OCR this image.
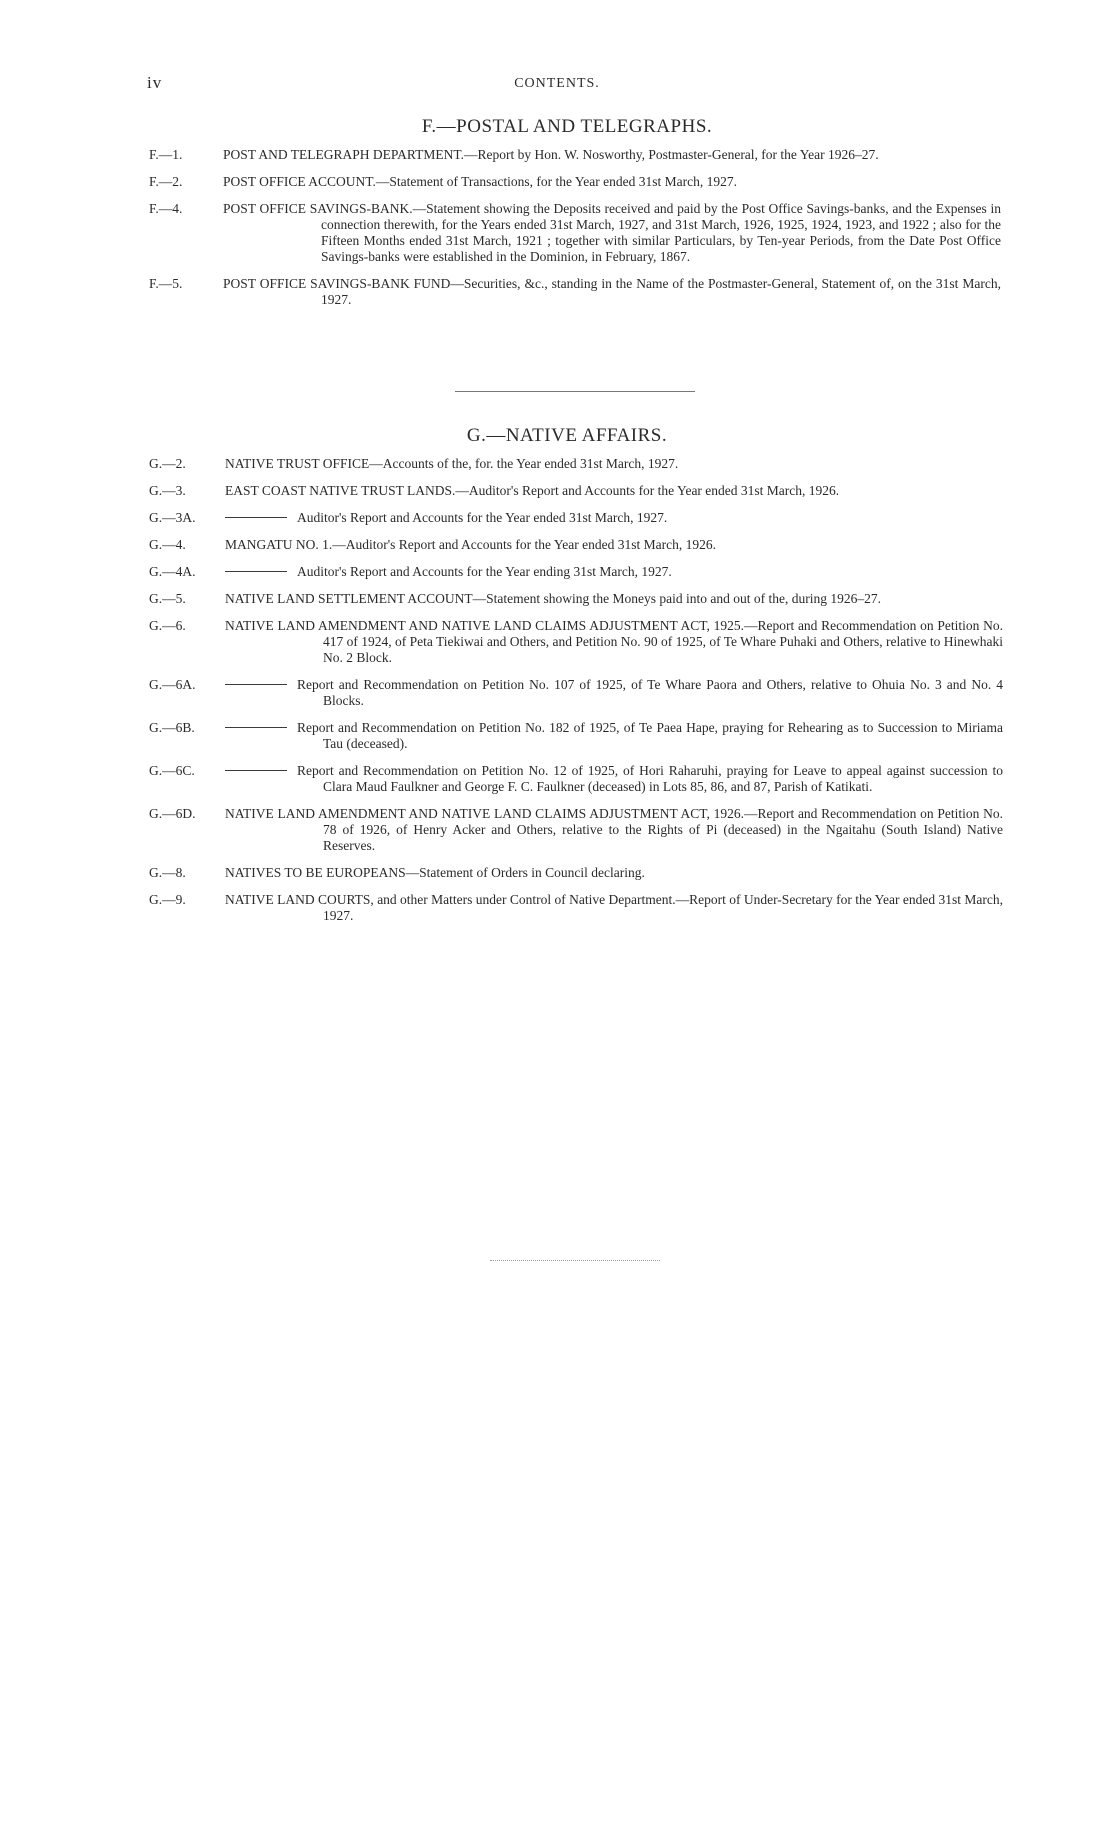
iv	CONTENTS.
F.—POSTAL AND TELEGRAPHS.
F.—1.	POST AND TELEGRAPH DEPARTMENT.—Report by Hon. W. Nosworthy, Postmaster-General, for the Year 1926–27.
F.—2.	POST OFFICE ACCOUNT.—Statement of Transactions, for the Year ended 31st March, 1927.
F.—4.	POST OFFICE SAVINGS-BANK.—Statement showing the Deposits received and paid by the Post Office Savings-banks, and the Expenses in connection therewith, for the Years ended 31st March, 1927, and 31st March, 1926, 1925, 1924, 1923, and 1922 ; also for the Fifteen Months ended 31st March, 1921 ; together with similar Particulars, by Ten-year Periods, from the Date Post Office Savings-banks were established in the Dominion, in February, 1867.
F.—5.	POST OFFICE SAVINGS-BANK FUND—Securities, &c., standing in the Name of the Postmaster-General, Statement of, on the 31st March, 1927.
G.—NATIVE AFFAIRS.
G.—2.	NATIVE TRUST OFFICE—Accounts of the, for. the Year ended 31st March, 1927.
G.—3.	EAST COAST NATIVE TRUST LANDS.—Auditor's Report and Accounts for the Year ended 31st March, 1926.
G.—3A.	Auditor's Report and Accounts for the Year ended 31st March, 1927.
G.—4.	MANGATU NO. 1.—Auditor's Report and Accounts for the Year ended 31st March, 1926.
G.—4A.	Auditor's Report and Accounts for the Year ending 31st March, 1927.
G.—5.	NATIVE LAND SETTLEMENT ACCOUNT—Statement showing the Moneys paid into and out of the, during 1926–27.
G.—6.	NATIVE LAND AMENDMENT AND NATIVE LAND CLAIMS ADJUSTMENT ACT, 1925.—Report and Recommendation on Petition No. 417 of 1924, of Peta Tiekiwai and Others, and Petition No. 90 of 1925, of Te Whare Puhaki and Others, relative to Hinewhaki No. 2 Block.
G.—6A.	Report and Recommendation on Petition No. 107 of 1925, of Te Whare Paora and Others, relative to Ohuia No. 3 and No. 4 Blocks.
G.—6B.	Report and Recommendation on Petition No. 182 of 1925, of Te Paea Hape, praying for Rehearing as to Succession to Miriama Tau (deceased).
G.—6C.	Report and Recommendation on Petition No. 12 of 1925, of Hori Raharuhi, praying for Leave to appeal against succession to Clara Maud Faulkner and George F. C. Faulkner (deceased) in Lots 85, 86, and 87, Parish of Katikati.
G.—6D. NATIVE LAND AMENDMENT AND NATIVE LAND CLAIMS ADJUSTMENT ACT, 1926.—Report and Recommendation on Petition No. 78 of 1926, of Henry Acker and Others, relative to the Rights of Pi (deceased) in the Ngaitahu (South Island) Native Reserves.
G.—8.	NATIVES TO BE EUROPEANS—Statement of Orders in Council declaring.
G.—9.	NATIVE LAND COURTS, and other Matters under Control of Native Department.—Report of Under-Secretary for the Year ended 31st March, 1927.
